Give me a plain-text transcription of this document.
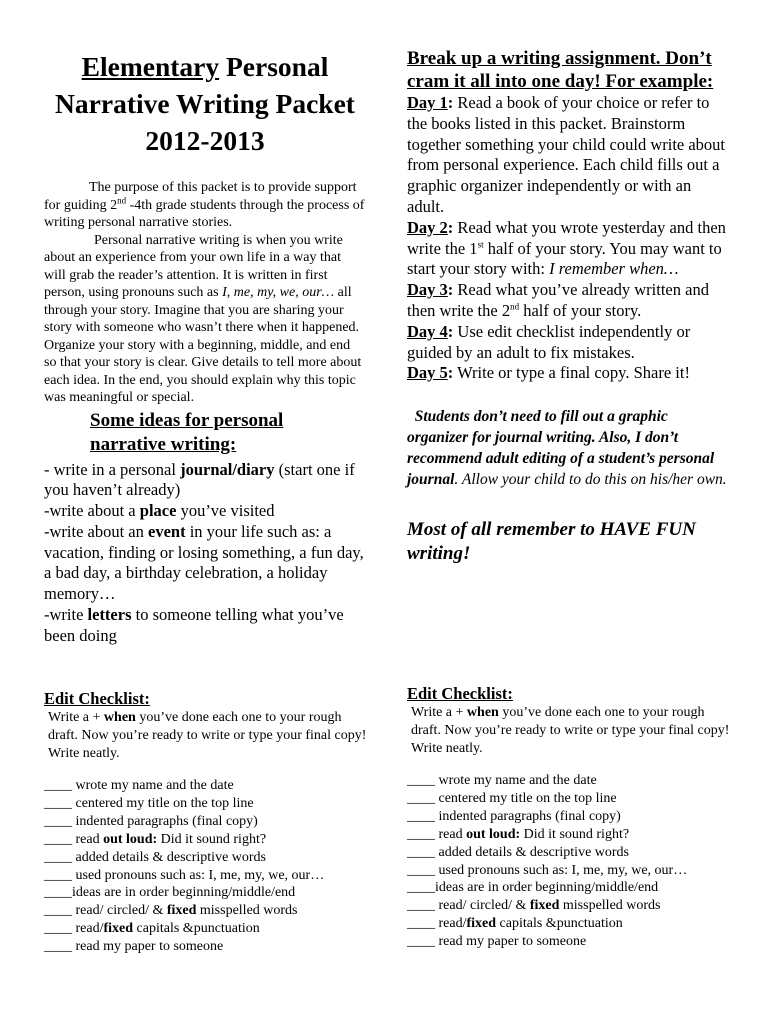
Elementary Personal
Narrative Writing Packet
2012-2013

The purpose of this packet is to provide support for guiding 2nd -4th grade students through the process of writing personal narrative stories.
Personal narrative writing is when you write about an experience from your own life in a way that will grab the reader’s attention. It is written in first person, using pronouns such as I, me, my, we, our… all through your story. Imagine that you are sharing your story with someone who wasn’t there when it happened. Organize your story with a beginning, middle, and end so that your story is clear. Give details to tell more about each idea. In the end, you should explain why this topic was meaningful or special.

Some ideas for personal
narrative writing:
- write in a personal journal/diary (start one if you haven’t already)
-write about a place you’ve visited
-write about an event in your life such as: a vacation, finding or losing something, a fun day, a bad day, a birthday celebration, a holiday memory…
-write letters to someone telling what you’ve been doing
Break up a writing assignment. Don’t cram it all into one day! For example:
Day 1: Read a book of your choice or refer to the books listed in this packet. Brainstorm together something your child could write about from personal experience. Each child fills out a graphic organizer independently or with an adult.
Day 2: Read what you wrote yesterday and then write the 1st half of your story. You may want to start your story with: I remember when…
Day 3: Read what you’ve already written and then write the 2nd half of your story.
Day 4: Use edit checklist independently or guided by an adult to fix mistakes.
Day 5: Write or type a final copy. Share it!

Students don’t need to fill out a graphic organizer for journal writing. Also, I don’t recommend adult editing of a student’s personal journal. Allow your child to do this on his/her own.

Most of all remember to HAVE FUN writing!

Edit Checklist:
Write a + when you’ve done each one to your rough draft. Now you’re ready to write or type your final copy! Write neatly.
____ wrote my name and the date
____ centered my title on the top line
____ indented paragraphs (final copy)
____ read out loud: Did it sound right?
____ added details & descriptive words
____ used pronouns such as: I, me, my, we, our…
____ideas are in order beginning/middle/end
____ read/ circled/ & fixed misspelled words
____ read/fixed capitals &punctuation
____ read my paper to someone
Edit Checklist:
Write a + when you’ve done each one to your rough draft. Now you’re ready to write or type your final copy! Write neatly.
____ wrote my name and the date
____ centered my title on the top line
____ indented paragraphs (final copy)
____ read out loud: Did it sound right?
____ added details & descriptive words
____ used pronouns such as: I, me, my, we, our…
____ideas are in order beginning/middle/end
____ read/ circled/ & fixed misspelled words
____ read/fixed capitals &punctuation
____ read my paper to someone
